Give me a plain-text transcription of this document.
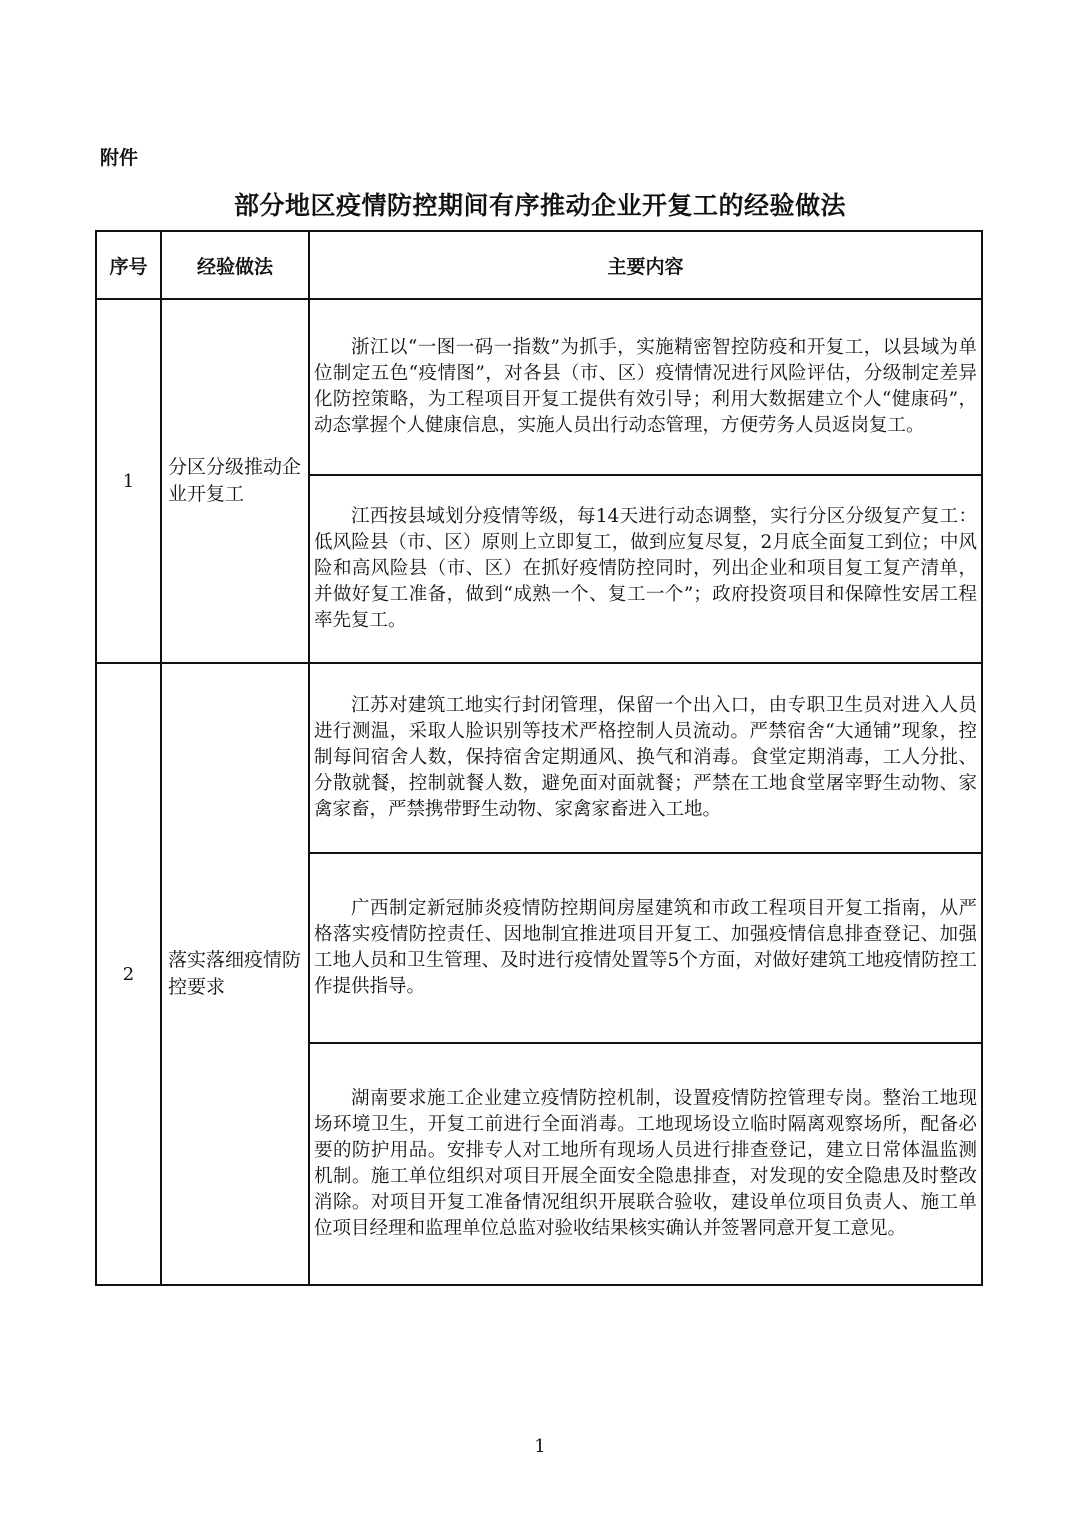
附件
部分地区疫情防控期间有序推动企业开复工的经验做法
序号	经验做法	主要内容
1	分区分级推动企业开复工	浙江以“一图一码一指数”为抓手，实施精密智控防疫和开复工，以县域为单位制定五色“疫情图”，对各县（市、区）疫情情况进行风险评估，分级制定差异化防控策略，为工程项目开复工提供有效引导；利用大数据建立个人“健康码”，动态掌握个人健康信息，实施人员出行动态管理，方便劳务人员返岗复工。

		江西按县域划分疫情等级，每14天进行动态调整，实行分区分级复产复工：低风险县（市、区）原则上立即复工，做到应复尽复，2月底全面复工到位；中风险和高风险县（市、区）在抓好疫情防控同时，列出企业和项目复工复产清单，并做好复工准备，做到“成熟一个、复工一个”；政府投资项目和保障性安居工程率先复工。

2	落实落细疫情防控要求	江苏对建筑工地实行封闭管理，保留一个出入口，由专职卫生员对进入人员进行测温，采取人脸识别等技术严格控制人员流动。严禁宿舍“大通铺”现象，控制每间宿舍人数，保持宿舍定期通风、换气和消毒。食堂定期消毒，工人分批、分散就餐，控制就餐人数，避免面对面就餐；严禁在工地食堂屠宰野生动物、家禽家畜，严禁携带野生动物、家禽家畜进入工地。

		广西制定新冠肺炎疫情防控期间房屋建筑和市政工程项目开复工指南，从严格落实疫情防控责任、因地制宜推进项目开复工、加强疫情信息排查登记、加强工地人员和卫生管理、及时进行疫情处置等5个方面，对做好建筑工地疫情防控工作提供指导。

		湖南要求施工企业建立疫情防控机制，设置疫情防控管理专岗。整治工地现场环境卫生，开复工前进行全面消毒。工地现场设立临时隔离观察场所，配备必要的防护用品。安排专人对工地所有现场人员进行排查登记，建立日常体温监测机制。施工单位组织对项目开展全面安全隐患排查，对发现的安全隐患及时整改消除。对项目开复工准备情况组织开展联合验收，建设单位项目负责人、施工单位项目经理和监理单位总监对验收结果核实确认并签署同意开复工意见。

1
